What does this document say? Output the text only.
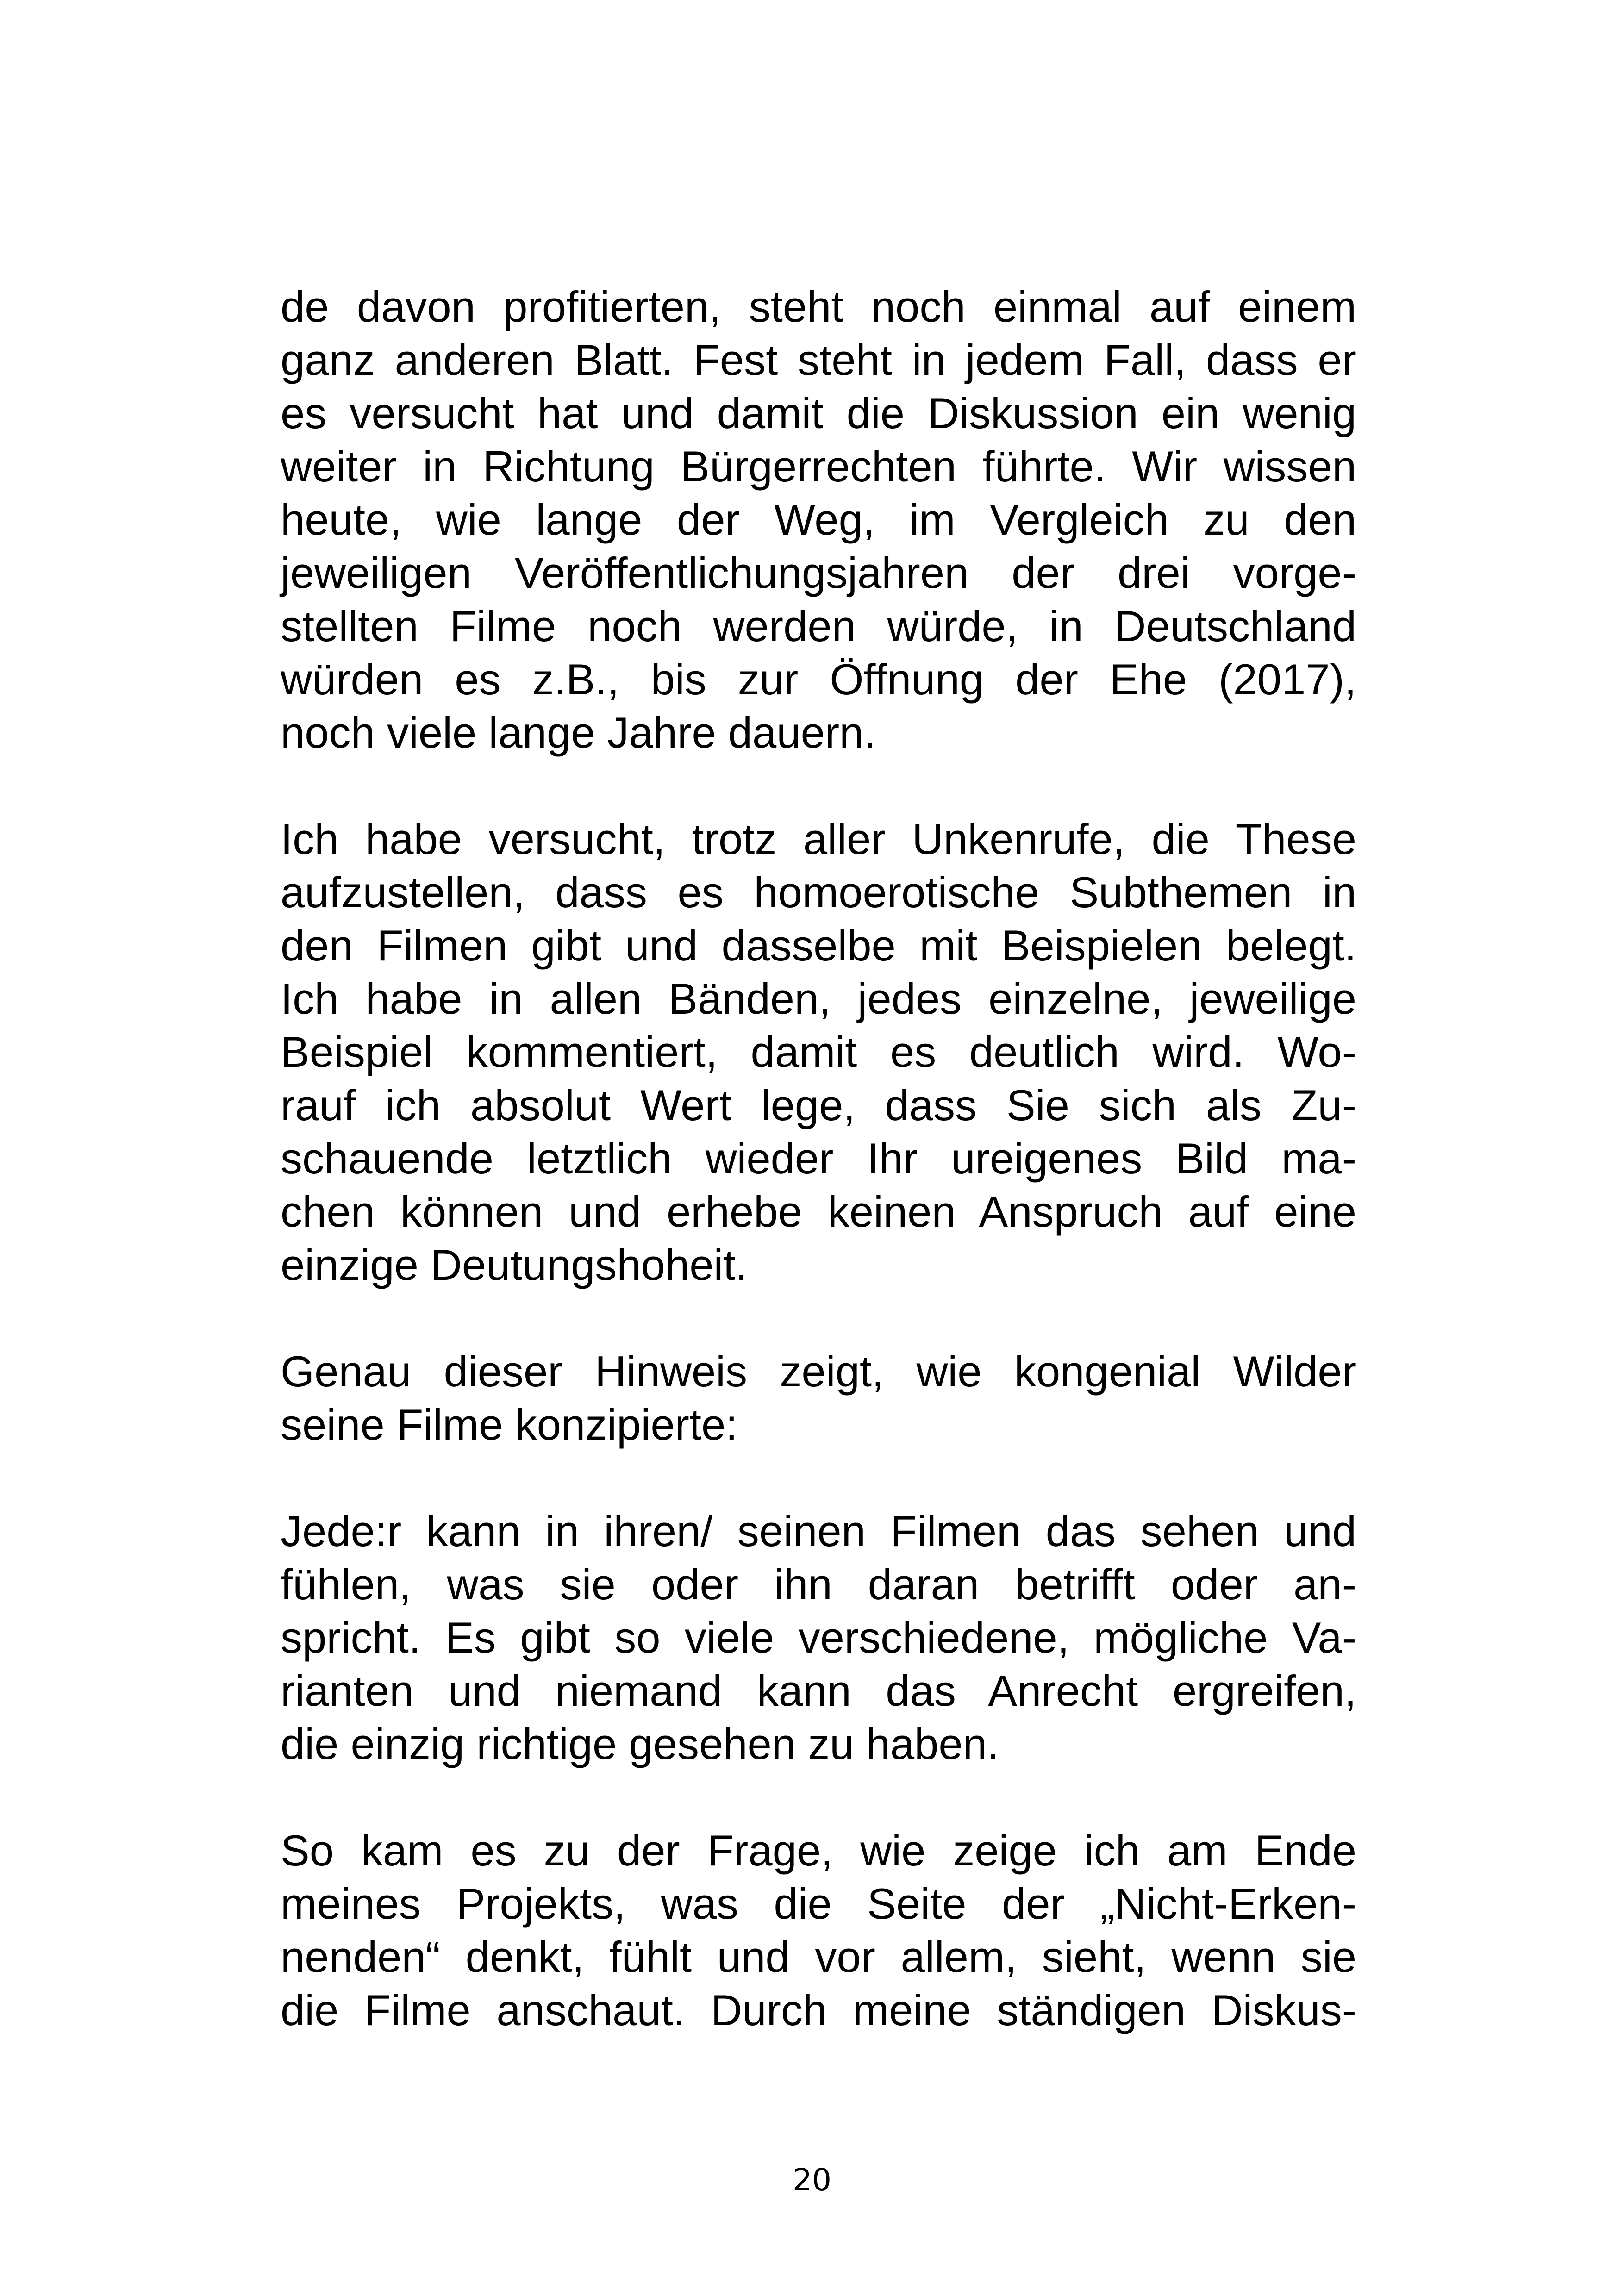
de davon profitierten, steht noch einmal auf einem
ganz anderen Blatt. Fest steht in jedem Fall, dass er
es versucht hat und damit die Diskussion ein wenig
weiter in Richtung Bürgerrechten führte. Wir wissen
heute, wie lange der Weg, im Vergleich zu den
jeweiligen Veröffentlichungsjahren der drei vorge-
stellten Filme noch werden würde, in Deutschland
würden es z.B., bis zur Öffnung der Ehe (2017),
noch viele lange Jahre dauern.

Ich habe versucht, trotz aller Unkenrufe, die These
aufzustellen, dass es homoerotische Subthemen in
den Filmen gibt und dasselbe mit Beispielen belegt.
Ich habe in allen Bänden, jedes einzelne, jeweilige
Beispiel kommentiert, damit es deutlich wird. Wo-
rauf ich absolut Wert lege, dass Sie sich als Zu-
schauende letztlich wieder Ihr ureigenes Bild ma-
chen können und erhebe keinen Anspruch auf eine
einzige Deutungshoheit.

Genau dieser Hinweis zeigt, wie kongenial Wilder
seine Filme konzipierte:

Jede:r kann in ihren/ seinen Filmen das sehen und
fühlen, was sie oder ihn daran betrifft oder an-
spricht. Es gibt so viele verschiedene, mögliche Va-
rianten und niemand kann das Anrecht ergreifen,
die einzig richtige gesehen zu haben.

So kam es zu der Frage, wie zeige ich am Ende
meines Projekts, was die Seite der „Nicht-Erken-
nenden“ denkt, fühlt und vor allem, sieht, wenn sie
die Filme anschaut. Durch meine ständigen Diskus-

20
